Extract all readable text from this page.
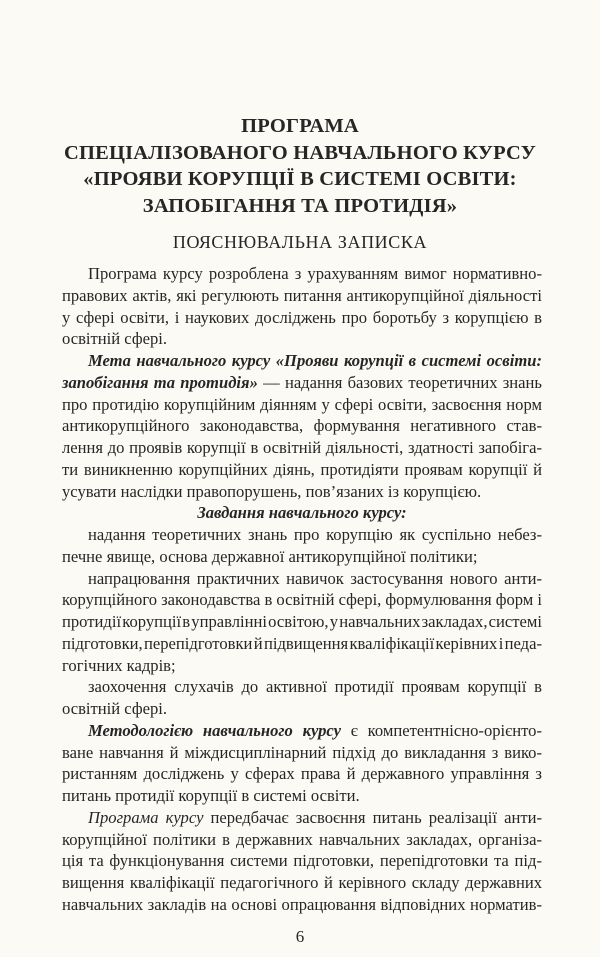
ПРОГРАМА
СПЕЦІАЛІЗОВАНОГО НАВЧАЛЬНОГО КУРСУ
«ПРОЯВИ КОРУПЦІЇ В СИСТЕМІ ОСВІТИ:
ЗАПОБІГАННЯ ТА ПРОТИДІЯ»
ПОЯСНЮВАЛЬНА ЗАПИСКА
Програма курсу розроблена з урахуванням вимог нормативно-
правових актів, які регулюють питання антикорупційної діяльності
у сфері освіти, і наукових досліджень про боротьбу з корупцією в
освітній сфері.
Мета навчального курсу «Прояви корупції в системі освіти:
запобігання та протидія» — надання базових теоретичних знань
про протидію корупційним діянням у сфері освіти, засвоєння норм
антикорупційного законодавства, формування негативного став-
лення до проявів корупції в освітній діяльності, здатності запобіга-
ти виникненню корупційних діянь, протидіяти проявам корупції й
усувати наслідки правопорушень, пов’язаних із корупцією.
Завдання навчального курсу:
надання теоретичних знань про корупцію як суспільно небез-
печне явище, основа державної антикорупційної політики;
напрацювання практичних навичок застосування нового анти-
корупційного законодавства в освітній сфері, формулювання форм і
протидії корупції в управлінні освітою, у навчальних закладах, системі
підготовки, перепідготовки й підвищення кваліфікації керівних і педа-
гогічних кадрів;
заохочення слухачів до активної протидії проявам корупції в
освітній сфері.
Методологією навчального курсу є компетентнісно-орієнто-
ване навчання й міждисциплінарний підхід до викладання з вико-
ристанням досліджень у сферах права й державного управління з
питань протидії корупції в системі освіти.
Програма курсу передбачає засвоєння питань реалізації анти-
корупційної політики в державних навчальних закладах, організа-
ція та функціонування системи підготовки, перепідготовки та під-
вищення кваліфікації педагогічного й керівного складу державних
навчальних закладів на основі опрацювання відповідних норматив-
6
